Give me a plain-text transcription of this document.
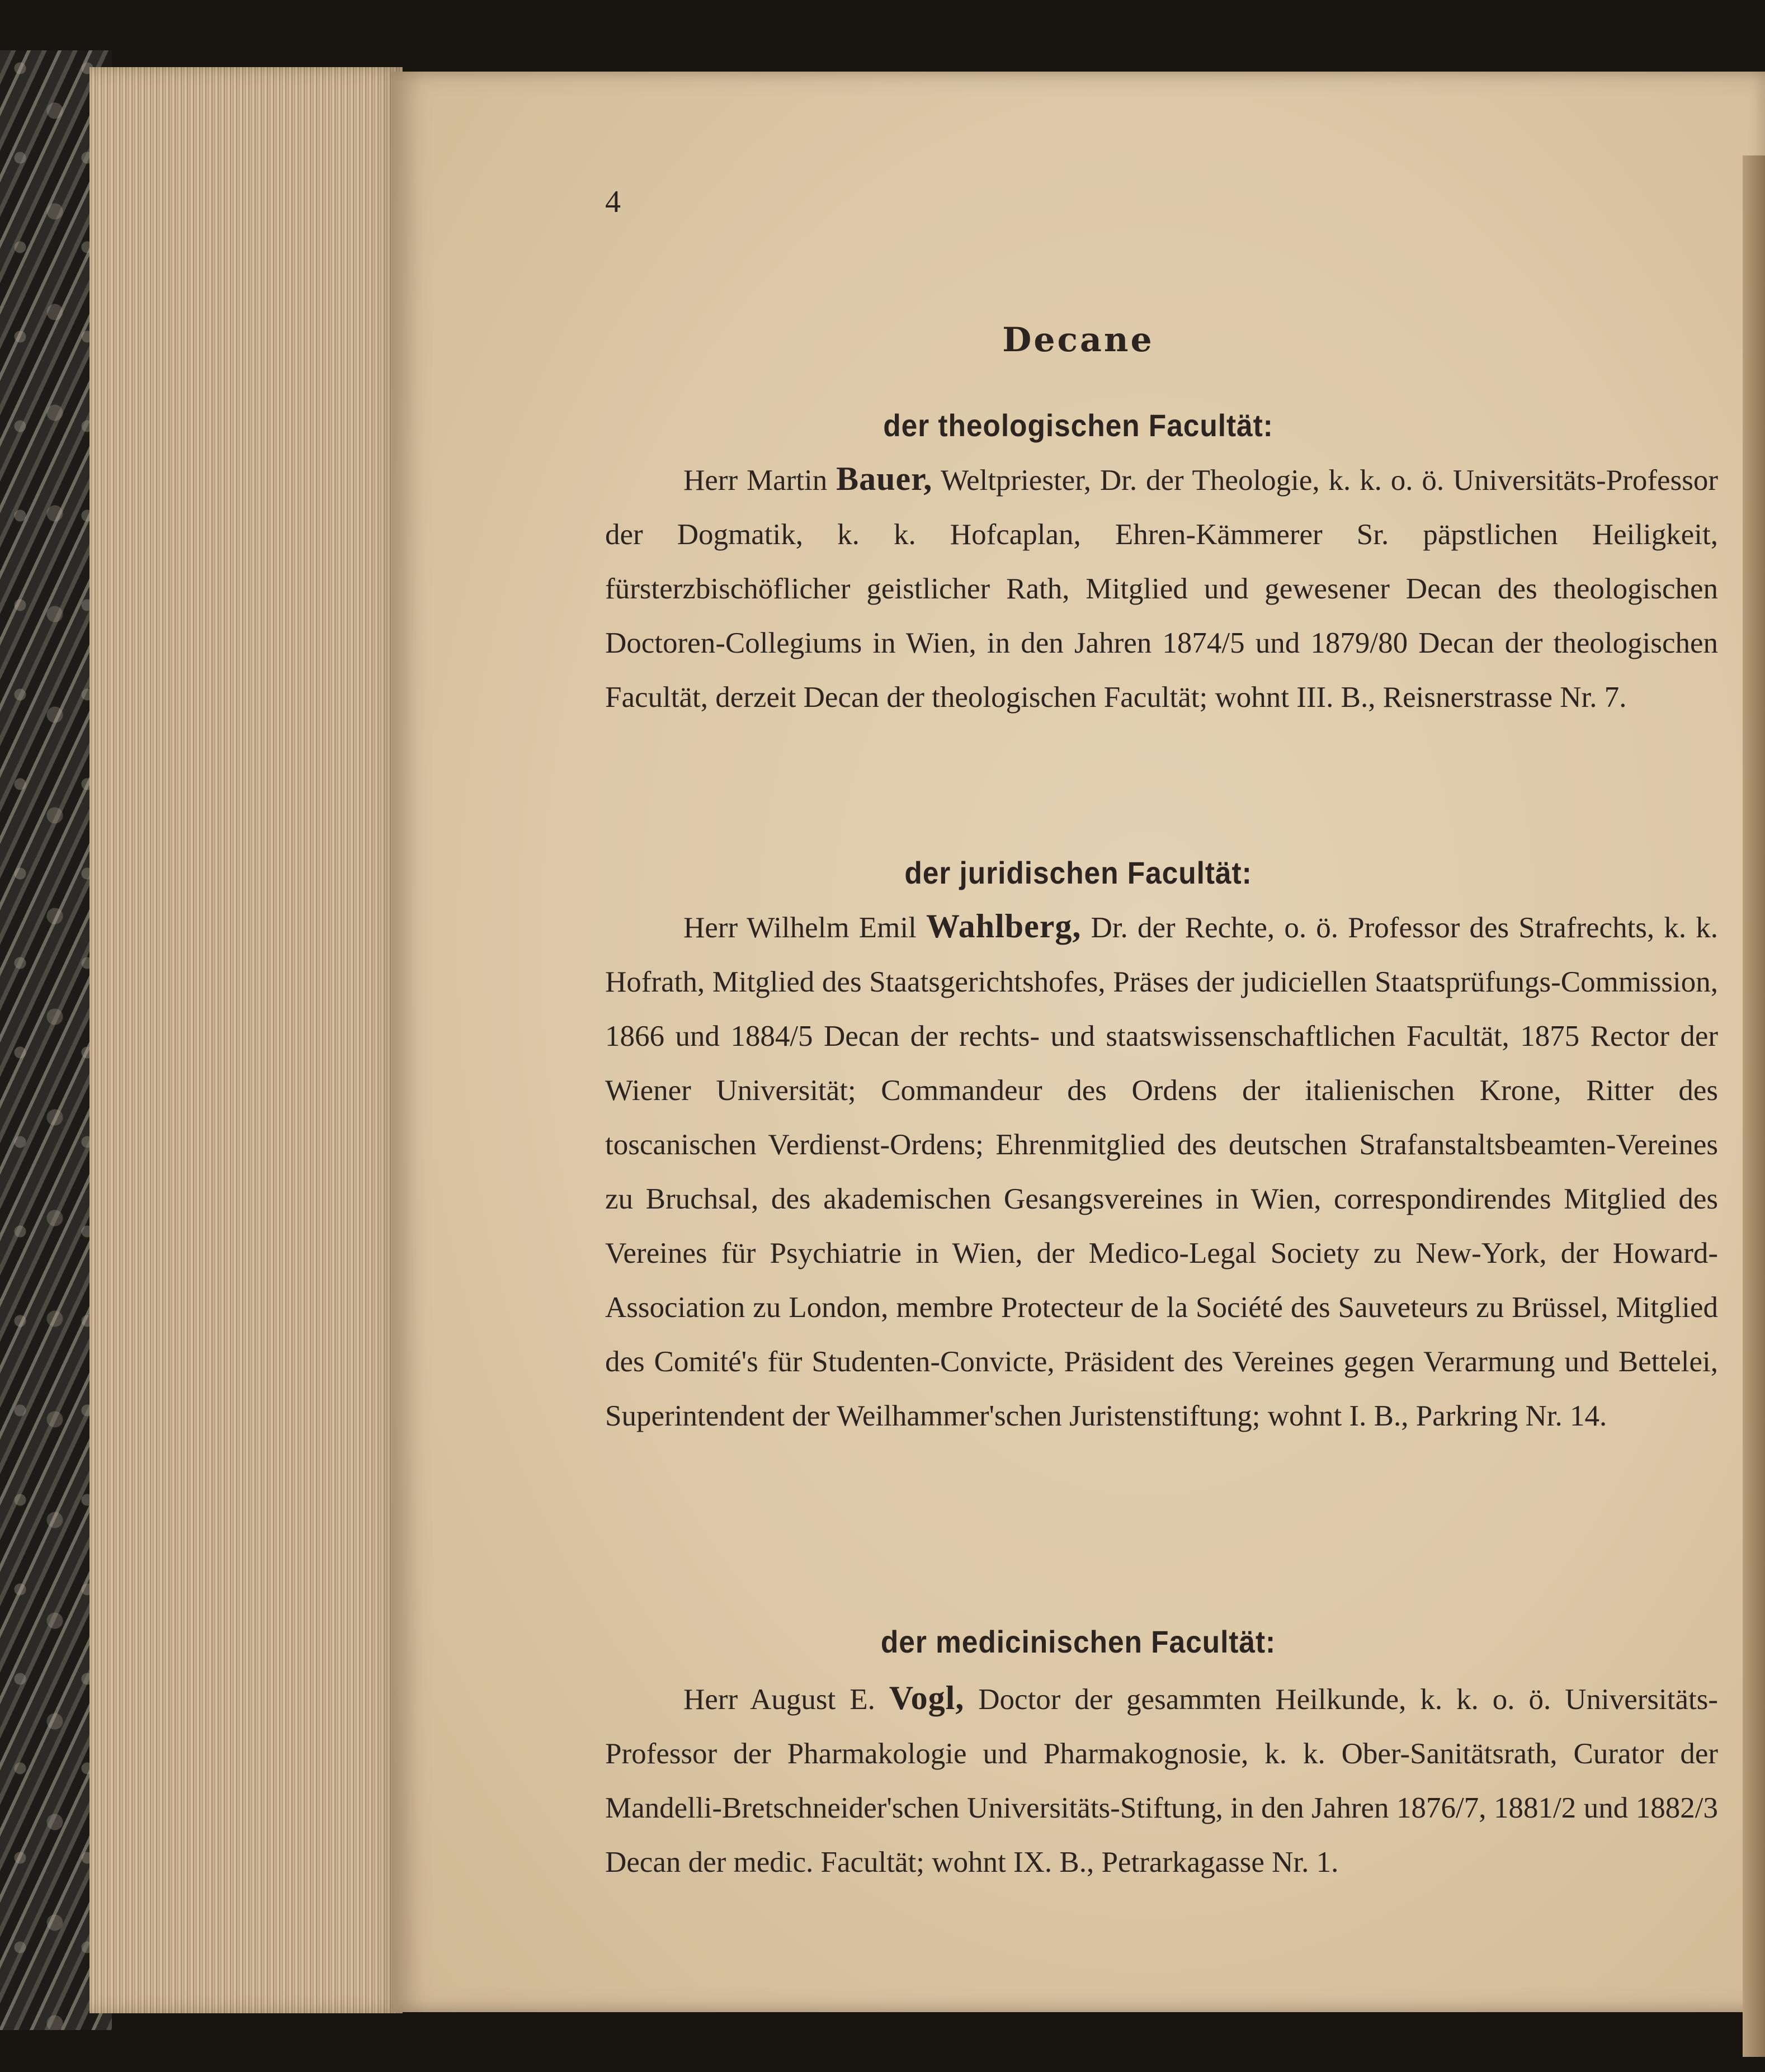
4
Decane
der theologischen Facultät:

Herr Martin Bauer, Weltpriester, Dr. der Theologie, k. k. o. ö. Universitäts-Professor der Dogmatik, k. k. Hofcaplan, Ehren-Kämmerer Sr. päpstlichen Heiligkeit, fürsterzbischöflicher geistlicher Rath, Mitglied und gewesener Decan des theologischen Doctoren-Collegiums in Wien, in den Jahren 1874/5 und 1879/80 Decan der theologischen Facultät, derzeit Decan der theologischen Facultät; wohnt III. B., Reisnerstrasse Nr. 7.

der juridischen Facultät:

Herr Wilhelm Emil Wahlberg, Dr. der Rechte, o. ö. Professor des Strafrechts, k. k. Hofrath, Mitglied des Staatsgerichtshofes, Präses der judiciellen Staatsprüfungs-Commission, 1866 und 1884/5 Decan der rechts- und staatswissenschaftlichen Facultät, 1875 Rector der Wiener Universität; Commandeur des Ordens der italienischen Krone, Ritter des toscanischen Verdienst-Ordens; Ehrenmitglied des deutschen Strafanstaltsbeamten-Vereines zu Bruchsal, des akademischen Gesangsvereines in Wien, correspondirendes Mitglied des Vereines für Psychiatrie in Wien, der Medico-Legal Society zu New-York, der Howard-Association zu London, membre Protecteur de la Société des Sauveteurs zu Brüssel, Mitglied des Comité's für Studenten-Convicte, Präsident des Vereines gegen Verarmung und Bettelei, Superintendent der Weilhammer'schen Juristenstiftung; wohnt I. B., Parkring Nr. 14.

der medicinischen Facultät:

Herr August E. Vogl, Doctor der gesammten Heilkunde, k. k. o. ö. Universitäts-Professor der Pharmakologie und Pharmakognosie, k. k. Ober-Sanitätsrath, Curator der Mandelli-Bretschneider'schen Universitäts-Stiftung, in den Jahren 1876/7, 1881/2 und 1882/3 Decan der medic. Facultät; wohnt IX. B., Petrarkagasse Nr. 1.
